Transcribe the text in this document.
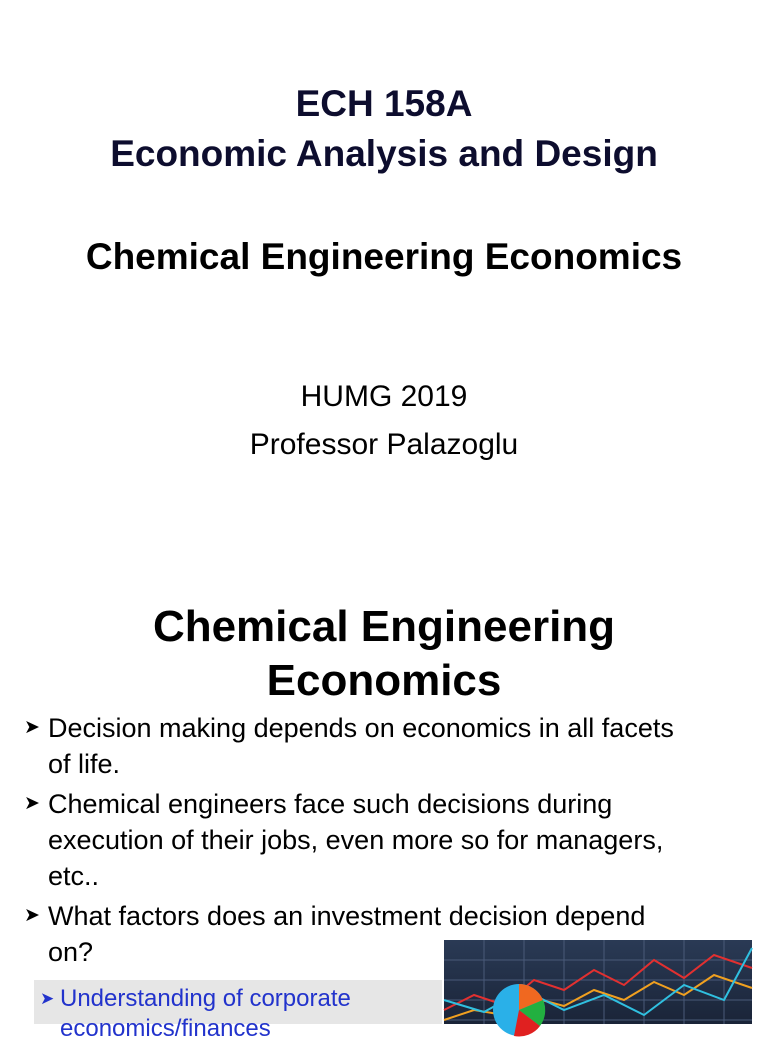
ECH 158A
Economic Analysis and Design
Chemical Engineering Economics
HUMG 2019
Professor Palazoglu
Chemical Engineering
Economics
➤ Decision making depends on economics in all facets
of life.
➤ Chemical engineers face such decisions during
execution of their jobs, even more so for managers,
etc..
➤ What factors does an investment decision depend
on?
➤ Understanding of corporate
economics/finances
